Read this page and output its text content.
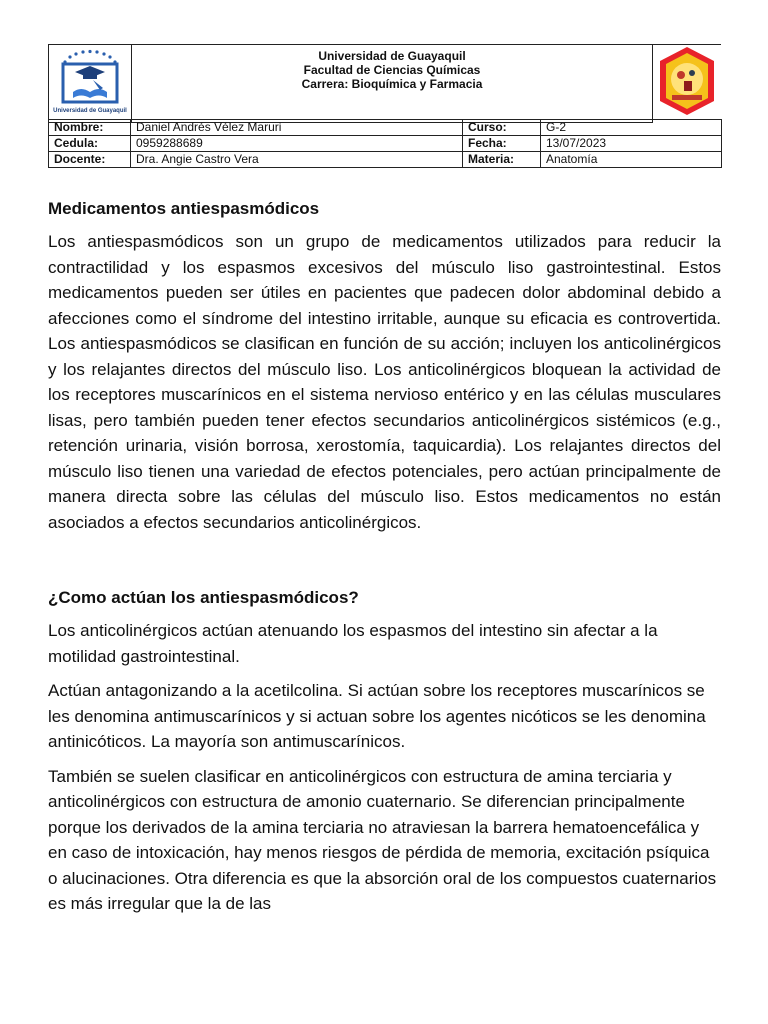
Universidad de Guayaquil

Universidad de Guayaquil
Facultad de Ciencias Químicas
Carrera: Bioquímica y Farmacia

Nombre:	Daniel Andrés Vélez Maruri	Curso:	G-2
Cedula:	0959288689	Fecha:	13/07/2023
Docente:	Dra. Angie Castro Vera	Materia:	Anatomía
Medicamentos antiespasmódicos

Los antiespasmódicos son un grupo de medicamentos utilizados para reducir la contractilidad y los espasmos excesivos del músculo liso gastrointestinal. Estos medicamentos pueden ser útiles en pacientes que padecen dolor abdominal debido a afecciones como el síndrome del intestino irritable, aunque su eficacia es controvertida. Los antiespasmódicos se clasifican en función de su acción; incluyen los anticolinérgicos y los relajantes directos del músculo liso. Los anticolinérgicos bloquean la actividad de los receptores muscarínicos en el sistema nervioso entérico y en las células musculares lisas, pero también pueden tener efectos secundarios anticolinérgicos sistémicos (e.g., retención urinaria, visión borrosa, xerostomía, taquicardia). Los relajantes directos del músculo liso tienen una variedad de efectos potenciales, pero actúan principalmente de manera directa sobre las células del músculo liso. Estos medicamentos no están asociados a efectos secundarios anticolinérgicos.

¿Como actúan los antiespasmódicos?

Los anticolinérgicos actúan atenuando los espasmos del intestino sin afectar a la motilidad gastrointestinal.

Actúan antagonizando a la acetilcolina. Si actúan sobre los receptores muscarínicos se les denomina antimuscarínicos y si actuan sobre los agentes nicóticos se les denomina antinicóticos. La mayoría son antimuscarínicos.

También se suelen clasificar en anticolinérgicos con estructura de amina terciaria y anticolinérgicos con estructura de amonio cuaternario. Se diferencian principalmente porque los derivados de la amina terciaria no atraviesan la barrera hematoencefálica y en caso de intoxicación, hay menos riesgos de pérdida de memoria, excitación psíquica o alucinaciones. Otra diferencia es que la absorción oral de los compuestos cuaternarios es más irregular que la de las
